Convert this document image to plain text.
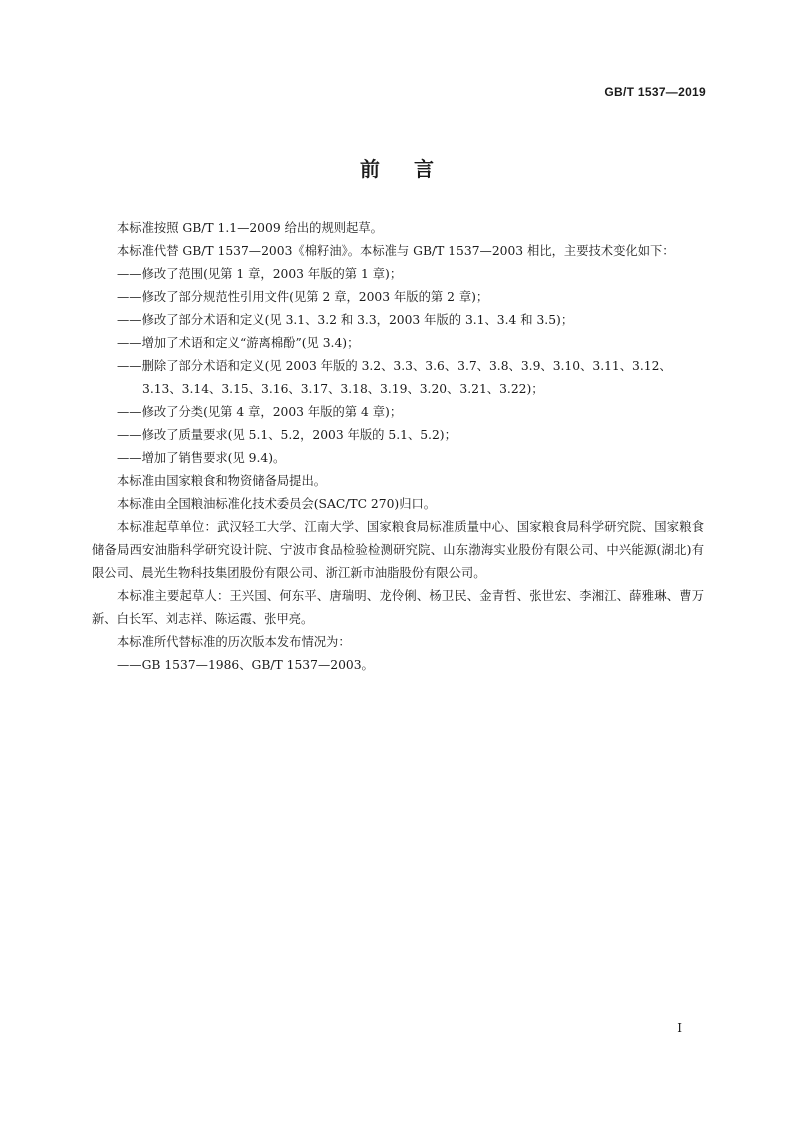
GB/T 1537—2019
前言

本标准按照 GB/T 1.1—2009 给出的规则起草。

本标准代替 GB/T 1537—2003《棉籽油》。本标准与 GB/T 1537—2003 相比，主要技术变化如下：

——修改了范围(见第 1 章，2003 年版的第 1 章)；

——修改了部分规范性引用文件(见第 2 章，2003 年版的第 2 章)；

——修改了部分术语和定义(见 3.1、3.2 和 3.3，2003 年版的 3.1、3.4 和 3.5)；

——增加了术语和定义“游离棉酚”(见 3.4)；

——删除了部分术语和定义(见 2003 年版的 3.2、3.3、3.6、3.7、3.8、3.9、3.10、3.11、3.12、3.13、3.14、3.15、3.16、3.17、3.18、3.19、3.20、3.21、3.22)；

——修改了分类(见第 4 章，2003 年版的第 4 章)；

——修改了质量要求(见 5.1、5.2，2003 年版的 5.1、5.2)；

——增加了销售要求(见 9.4)。

本标准由国家粮食和物资储备局提出。

本标准由全国粮油标准化技术委员会(SAC/TC 270)归口。

本标准起草单位：武汉轻工大学、江南大学、国家粮食局标准质量中心、国家粮食局科学研究院、国家粮食储备局西安油脂科学研究设计院、宁波市食品检验检测研究院、山东渤海实业股份有限公司、中兴能源(湖北)有限公司、晨光生物科技集团股份有限公司、浙江新市油脂股份有限公司。

本标准主要起草人：王兴国、何东平、唐瑞明、龙伶俐、杨卫民、金青哲、张世宏、李湘江、薛雅琳、曹万新、白长军、刘志祥、陈运霞、张甲亮。

本标准所代替标准的历次版本发布情况为：

——GB 1537—1986、GB/T 1537—2003。

I
